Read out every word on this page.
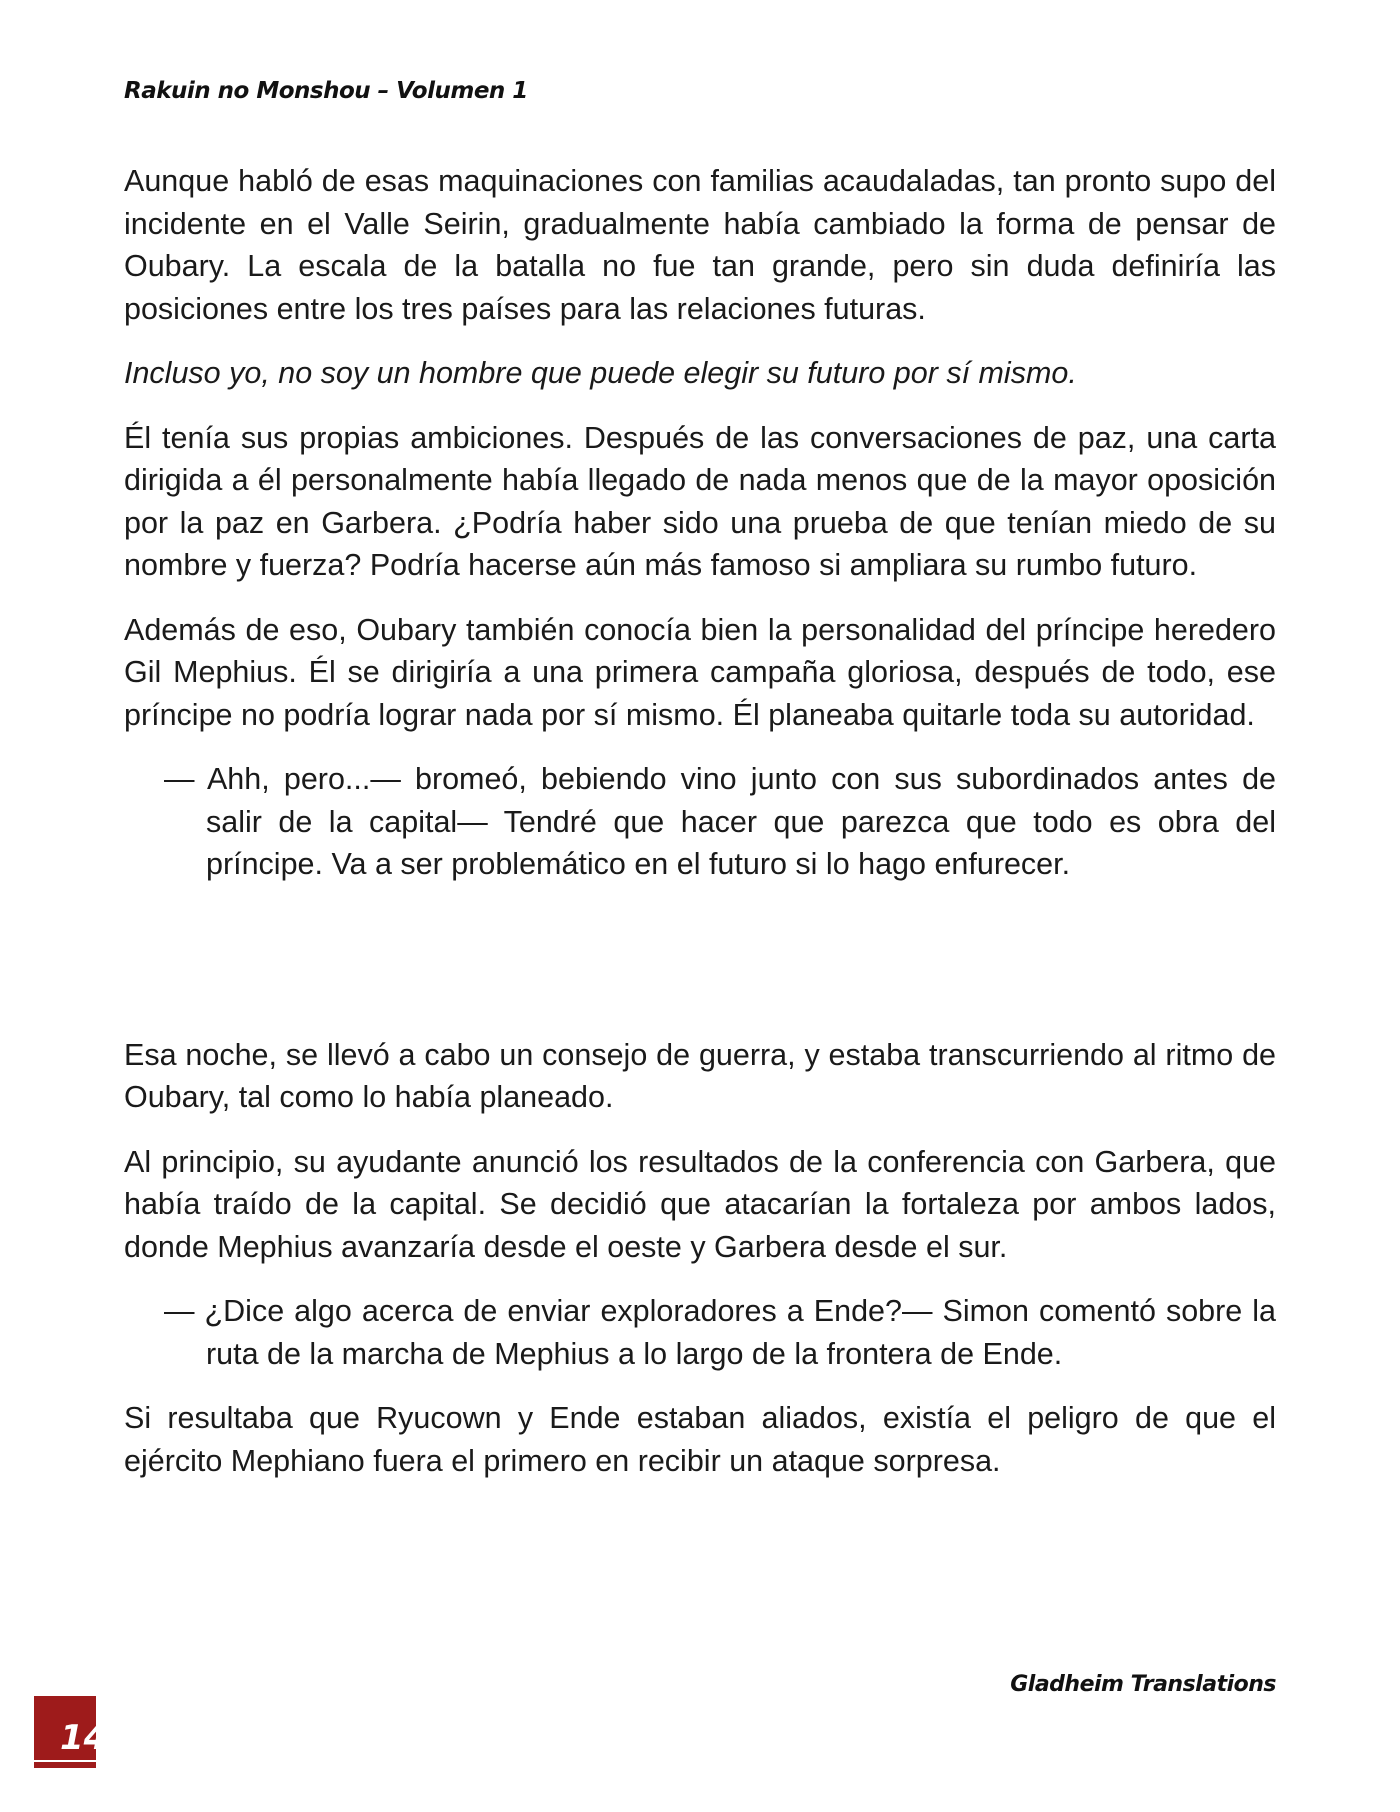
Rakuin no Monshou – Volumen 1

Aunque habló de esas maquinaciones con familias acaudaladas, tan pronto supo del incidente en el Valle Seirin, gradualmente había cambiado la forma de pensar de Oubary. La escala de la batalla no fue tan grande, pero sin duda definiría las posiciones entre los tres países para las relaciones futuras.

Incluso yo, no soy un hombre que puede elegir su futuro por sí mismo.

Él tenía sus propias ambiciones. Después de las conversaciones de paz, una carta dirigida a él personalmente había llegado de nada menos que de la mayor oposición por la paz en Garbera. ¿Podría haber sido una prueba de que tenían miedo de su nombre y fuerza? Podría hacerse aún más famoso si ampliara su rumbo futuro.

Además de eso, Oubary también conocía bien la personalidad del príncipe heredero Gil Mephius. Él se dirigiría a una primera campaña gloriosa, después de todo, ese príncipe no podría lograr nada por sí mismo. Él planeaba quitarle toda su autoridad.

— Ahh, pero...— bromeó, bebiendo vino junto con sus subordinados antes de salir de la capital— Tendré que hacer que parezca que todo es obra del príncipe. Va a ser problemático en el futuro si lo hago enfurecer.

Esa noche, se llevó a cabo un consejo de guerra, y estaba transcurriendo al ritmo de Oubary, tal como lo había planeado.

Al principio, su ayudante anunció los resultados de la conferencia con Garbera, que había traído de la capital. Se decidió que atacarían la fortaleza por ambos lados, donde Mephius avanzaría desde el oeste y Garbera desde el sur.

— ¿Dice algo acerca de enviar exploradores a Ende?— Simon comentó sobre la ruta de la marcha de Mephius a lo largo de la frontera de Ende.

Si resultaba que Ryucown y Ende estaban aliados, existía el peligro de que el ejército Mephiano fuera el primero en recibir un ataque sorpresa.

Gladheim Translations
14
